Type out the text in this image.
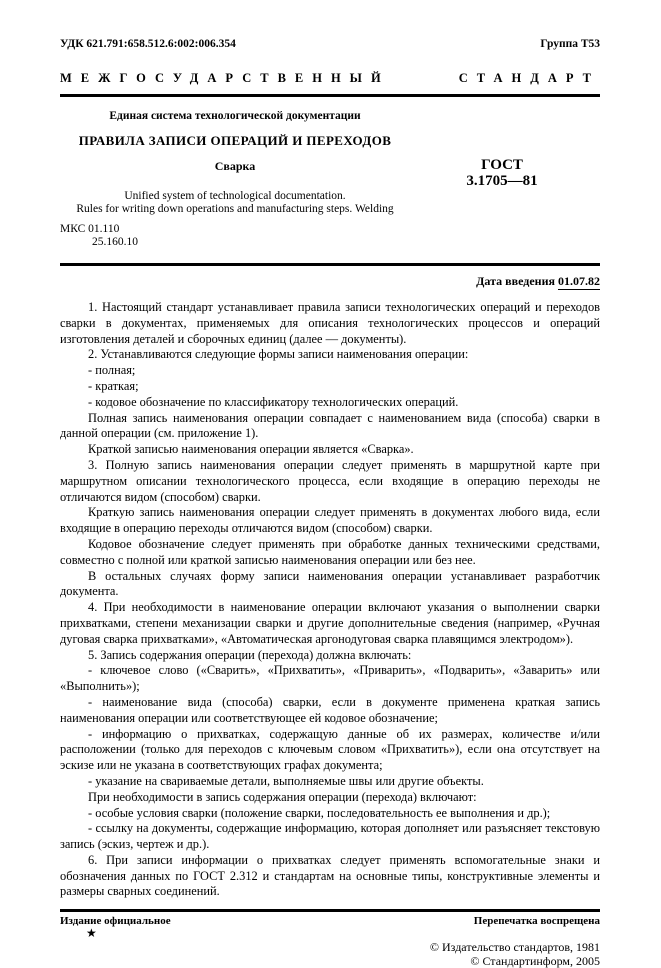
УДК 621.791:658.512.6:002:006.354	Группа Т53
МЕЖГОСУДАРСТВЕННЫЙ	СТАНДАРТ
Единая система технологической документации
ПРАВИЛА ЗАПИСИ ОПЕРАЦИЙ И ПЕРЕХОДОВ
Сварка
Unified system of technological documentation.
Rules for writing down operations and manufacturing steps. Welding
МКС 01.110
25.160.10
ГОСТ
3.1705—81
Дата введения 01.07.82

1. Настоящий стандарт устанавливает правила записи технологических операций и переходов сварки в документах, применяемых для описания технологических процессов и операций изготовления деталей и сборочных единиц (далее — документы).

2. Устанавливаются следующие формы записи наименования операции:

- полная;

- краткая;

- кодовое обозначение по классификатору технологических операций.

Полная запись наименования операции совпадает с наименованием вида (способа) сварки в данной операции (см. приложение 1).

Краткой записью наименования операции является «Сварка».

3. Полную запись наименования операции следует применять в маршрутной карте при маршрутном описании технологического процесса, если входящие в операцию переходы не отличаются видом (способом) сварки.

Краткую запись наименования операции следует применять в документах любого вида, если входящие в операцию переходы отличаются видом (способом) сварки.

Кодовое обозначение следует применять при обработке данных техническими средствами, совместно с полной или краткой записью наименования операции или без нее.

В остальных случаях форму записи наименования операции устанавливает разработчик документа.

4. При необходимости в наименование операции включают указания о выполнении сварки прихватками, степени механизации сварки и другие дополнительные сведения (например, «Ручная дуговая сварка прихватками», «Автоматическая аргонодуговая сварка плавящимся электродом»).

5. Запись содержания операции (перехода) должна включать:

- ключевое слово («Сварить», «Прихватить», «Приварить», «Подварить», «Заварить» или «Выполнить»);

- наименование вида (способа) сварки, если в документе применена краткая запись наименования операции или соответствующее ей кодовое обозначение;

- информацию о прихватках, содержащую данные об их размерах, количестве и/или расположении (только для переходов с ключевым словом «Прихватить»), если она отсутствует на эскизе или не указана в соответствующих графах документа;

- указание на свариваемые детали, выполняемые швы или другие объекты.

При необходимости в запись содержания операции (перехода) включают:

- особые условия сварки (положение сварки, последовательность ее выполнения и др.);

- ссылку на документы, содержащие информацию, которая дополняет или разъясняет текстовую запись (эскиз, чертеж и др.).

6. При записи информации о прихватках следует применять вспомогательные знаки и обозначения данных по ГОСТ 2.312 и стандартам на основные типы, конструктивные элементы и размеры сварных соединений.

Издание официальное	Перепечатка воспрещена
★
© Издательство стандартов, 1981
© Стандартинформ, 2005
